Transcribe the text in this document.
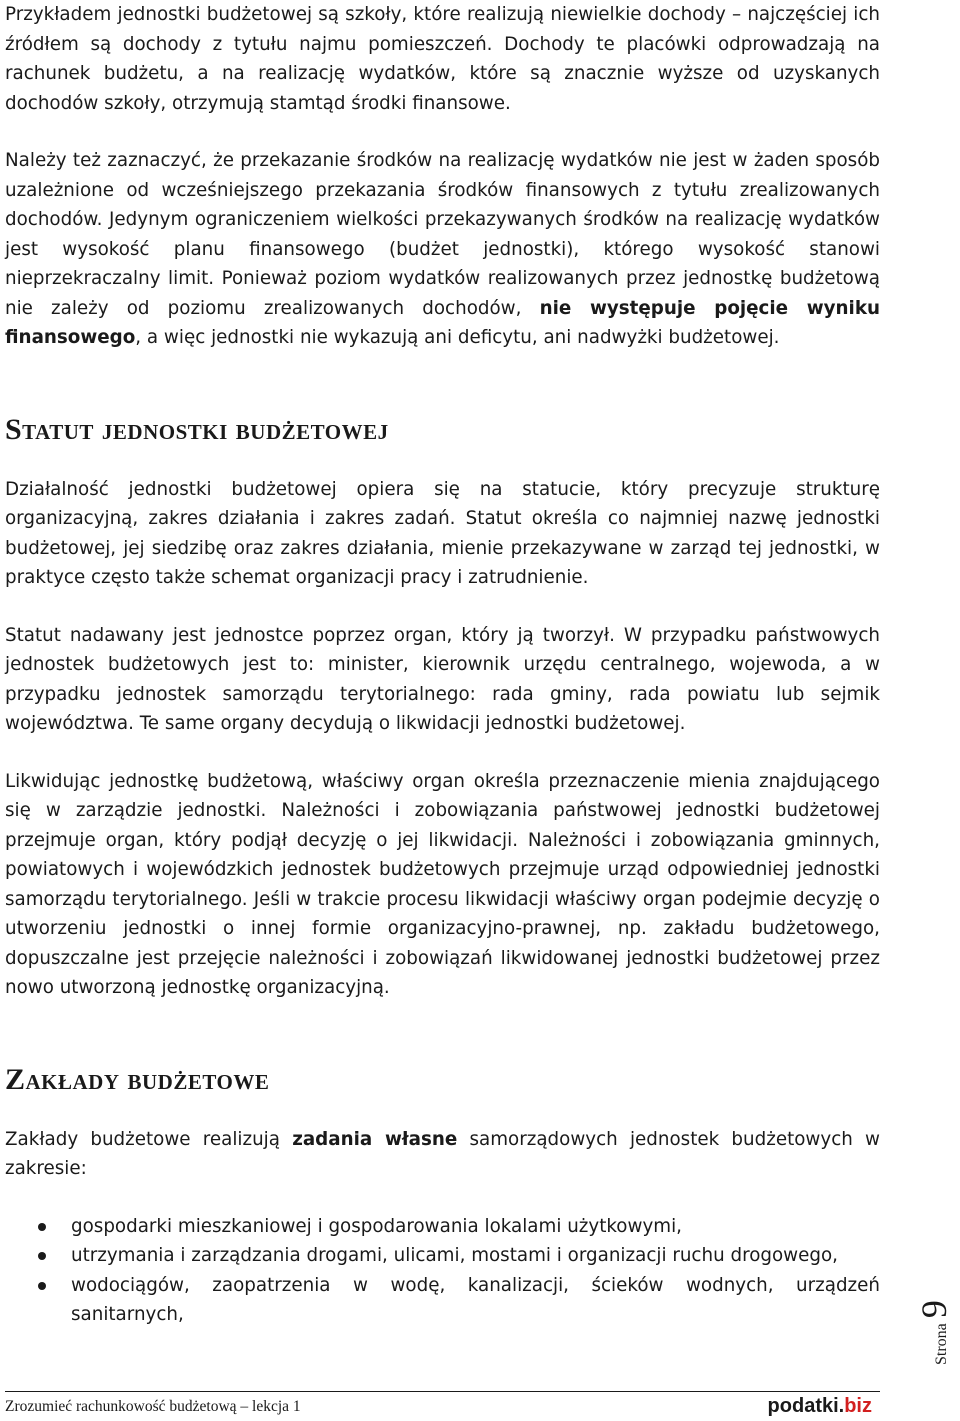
Przykładem jednostki budżetowej są szkoły, które realizują niewielkie dochody – najczęściej ich źródłem są dochody z tytułu najmu pomieszczeń. Dochody te placówki odprowadzają na rachunek budżetu, a na realizację wydatków, które są znacznie wyższe od uzyskanych dochodów szkoły, otrzymują stamtąd środki finansowe.

Należy też zaznaczyć, że przekazanie środków na realizację wydatków nie jest w żaden sposób uzależnione od wcześniejszego przekazania środków finansowych z tytułu zrealizowanych dochodów. Jedynym ograniczeniem wielkości przekazywanych środków na realizację wydatków jest wysokość planu finansowego (budżet jednostki), którego wysokość stanowi nieprzekraczalny limit. Ponieważ poziom wydatków realizowanych przez jednostkę budżetową nie zależy od poziomu zrealizowanych dochodów, nie występuje pojęcie wyniku finansowego, a więc jednostki nie wykazują ani deficytu, ani nadwyżki budżetowej.

Statut jednostki budżetowej

Działalność jednostki budżetowej opiera się na statucie, który precyzuje strukturę organizacyjną, zakres działania i zakres zadań. Statut określa co najmniej nazwę jednostki budżetowej, jej siedzibę oraz zakres działania, mienie przekazywane w zarząd tej jednostki, w praktyce często także schemat organizacji pracy i zatrudnienie.

Statut nadawany jest jednostce poprzez organ, który ją tworzył. W przypadku państwowych jednostek budżetowych jest to: minister, kierownik urzędu centralnego, wojewoda, a w przypadku jednostek samorządu terytorialnego: rada gminy, rada powiatu lub sejmik województwa. Te same organy decydują o likwidacji jednostki budżetowej.

Likwidując jednostkę budżetową, właściwy organ określa przeznaczenie mienia znajdującego się w zarządzie jednostki. Należności i zobowiązania państwowej jednostki budżetowej przejmuje organ, który podjął decyzję o jej likwidacji. Należności i zobowiązania gminnych, powiatowych i wojewódzkich jednostek budżetowych przejmuje urząd odpowiedniej jednostki samorządu terytorialnego. Jeśli w trakcie procesu likwidacji właściwy organ podejmie decyzję o utworzeniu jednostki o innej formie organizacyjno-prawnej, np. zakładu budżetowego, dopuszczalne jest przejęcie należności i zobowiązań likwidowanej jednostki budżetowej przez nowo utworzoną jednostkę organizacyjną.

Zakłady budżetowe

Zakłady budżetowe realizują zadania własne samorządowych jednostek budżetowych w zakresie:

gospodarki mieszkaniowej i gospodarowania lokalami użytkowymi,
utrzymania i zarządzania drogami, ulicami, mostami i organizacji ruchu drogowego,
wodociągów, zaopatrzenia w wodę, kanalizacji, ścieków wodnych, urządzeń sanitarnych,
Strona 9
Zrozumieć rachunkowość budżetową – lekcja 1	podatki.biz
